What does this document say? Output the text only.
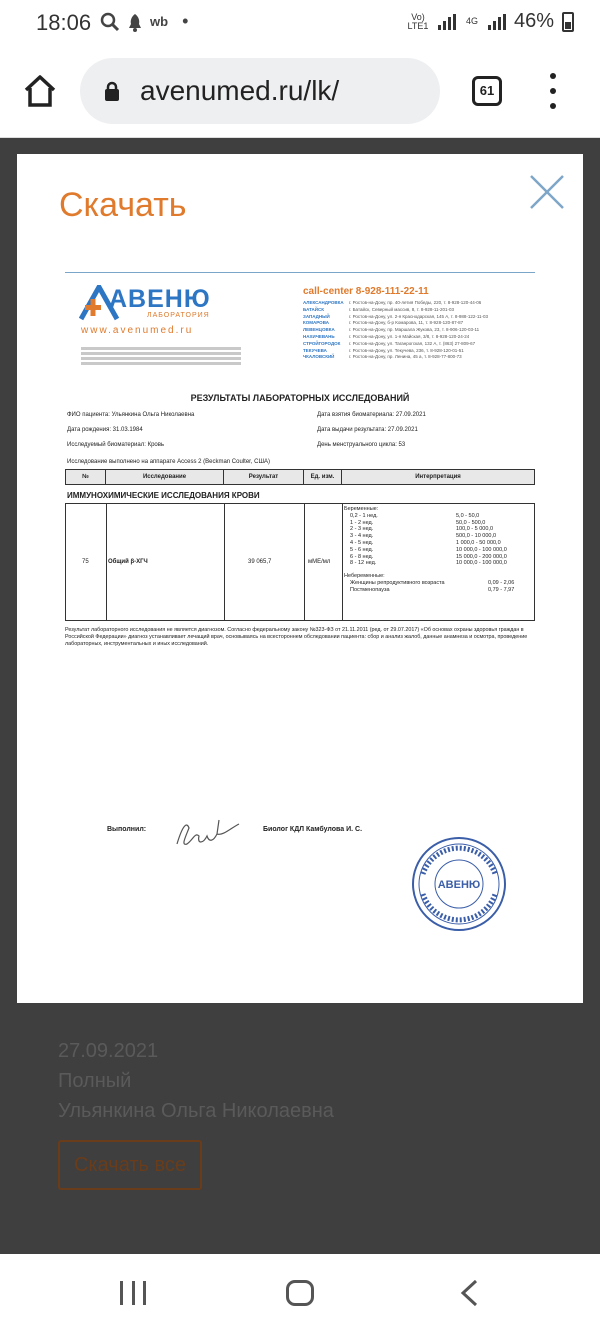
18:06	wb •	Vo) LTE1	4G 46%
avenumed.ru/lk/	61
27.09.2021
Полный
Ульянкина Ольга Николаевна
Скачать все
Скачать
АВЕНЮ
ЛАБОРАТОРИЯ
www.avenumed.ru
call-center 8-928-111-22-11
АЛЕКСАНДРОВКА	г. Ростов-на-Дону, пр. 40-летия Победы, 220, т. 8-928-120-44-06
БАТАЙСК	г. Батайск, Северный массив, 8, т. 8-928-11-201-03
ЗАПАДНЫЙ	г. Ростов-на-Дону, ул. 2-я Краснодарская, 145 А, т. 8-988-122-11-03
КОМАРОВА	г. Ростов-на-Дону, б-р Комарова, 11, т. 8-928-120-87-87
ЛЕВЕНЦОВКА	г. Ростов-на-Дону, пр. Маршала Жукова, 23, т. 8-906-120-03-11
НАХИЧЕВАНЬ	г. Ростов-на-Дону, ул. 1-я Майская, 3/8, т. 8-928-120-24-24
СТРОЙГОРОДОК	г. Ростов-на-Дону, ул. Таганрогская, 132 А, т. (863) 27-809-67
ТЕКУЧЕВА	г. Ростов-на-Дону, ул. Текучева, 236, т. 8-928-120-01-51
ЧКАЛОВСКИЙ	г. Ростов-на-Дону, пр. Ленина, 45 а, т. 8-928-77-800-73
РЕЗУЛЬТАТЫ ЛАБОРАТОРНЫХ ИССЛЕДОВАНИЙ
ФИО пациента: Ульянкина Ольга Николаевна
Дата рождения: 31.03.1984
Исследуемый биоматериал: Кровь
Исследование выполнено на аппарате Access 2 (Beckman Coulter, США)
Дата взятия биоматериала: 27.09.2021
Дата выдачи результата: 27.09.2021
День менструального цикла: 53
№	Исследование	Результат	Ед. изм.	Интерпретация
ИММУНОХИМИЧЕСКИЕ ИССЛЕДОВАНИЯ КРОВИ
75	Общий β-ХГЧ	39 065,7	мМЕ/мл
Беременные:
0,2 - 1 нед.	5,0 - 50,0
1 - 2 нед.	50,0 - 500,0
2 - 3 нед.	100,0 - 5 000,0
3 - 4 нед.	500,0 - 10 000,0
4 - 5 нед.	1 000,0 - 50 000,0
5 - 6 нед.	10 000,0 - 100 000,0
6 - 8 нед.	15 000,0 - 200 000,0
8 - 12 нед.	10 000,0 - 100 000,0
Небеременные:
Женщины репродуктивного возраста	0,09 - 2,06
Постменопауза	0,79 - 7,97
Результат лабораторного исследования не является диагнозом. Согласно федеральному закону №323-ФЗ от 21.11.2011 (ред. от 29.07.2017) «Об основах охраны здоровья граждан в Российской Федерации» диагноз устанавливает лечащий врач, основываясь на всестороннем обследовании пациента: сбор и анализ жалоб, данные анамнеза и осмотра, проведение лабораторных, инструментальных и иных исследований.
Выполнил:	Биолог КДЛ Камбулова И. С.
АВЕНЮ
